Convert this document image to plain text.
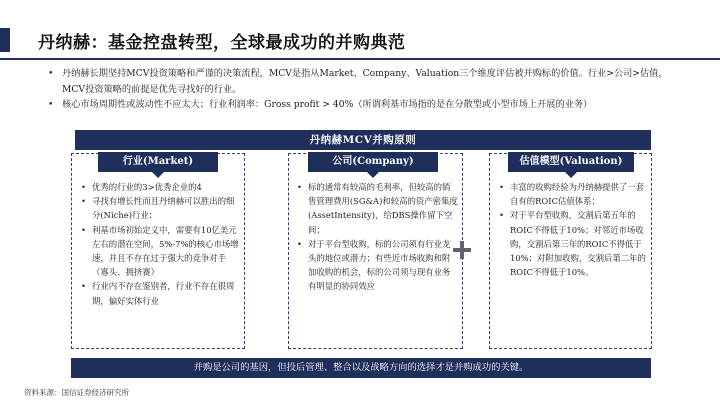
丹纳赫：基金控盘转型，全球最成功的并购典范
• 丹纳赫长期坚持MCV投资策略和严谨的决策流程，MCV是指从Market、Company、Valuation三个维度评估被并购标的价值。行业>公司>估值，MCV投资策略的前提是优先寻找好的行业。
• 核心市场周期性或波动性不应太大；行业利润率：Gross profit > 40%（所谓利基市场指的是在分散型或小型市场上开展的业务）
丹纳赫MCV并购原则
行业(Market)
• 优秀的行业的3>优秀企业的4
• 寻找有增长性而且丹纳赫可以胜出的细分(Niche)行业；
• 利基市场初始定义中，需要有10亿美元左右的潜在空间，5%-7%的核心市场增速，并且不存在过于强大的竞争对手（寡头、拥挤赛）
• 行业内不存在鉴别者，行业不存在很周期，偏好实体行业
公司(Company)
• 标的通常有较高的毛利率，但较高的销售管理费用(SG&A)和较高的资产密集度(AssetIntensity)，给DBS操作留下空间；
• 对于平台型收购，标的公司须有行业龙头的地位或潜力；有些近市场收购和附加收购的机会，标的公司须与现有业务有明显的协同效应
估值模型(Valuation)
• 丰富的收购经验为丹纳赫提供了一套自有的ROIC估值体系；
• 对于平台型收购，交割后第五年的ROIC不得低于10%；对邻近市场收购，交割后第三年的ROIC不得低于10%；对附加收购，交割后第二年的ROIC不得低于10%。
并购是公司的基因，但投后管理、整合以及战略方向的选择才是并购成功的关键。
资料来源：国信证券经济研究所
